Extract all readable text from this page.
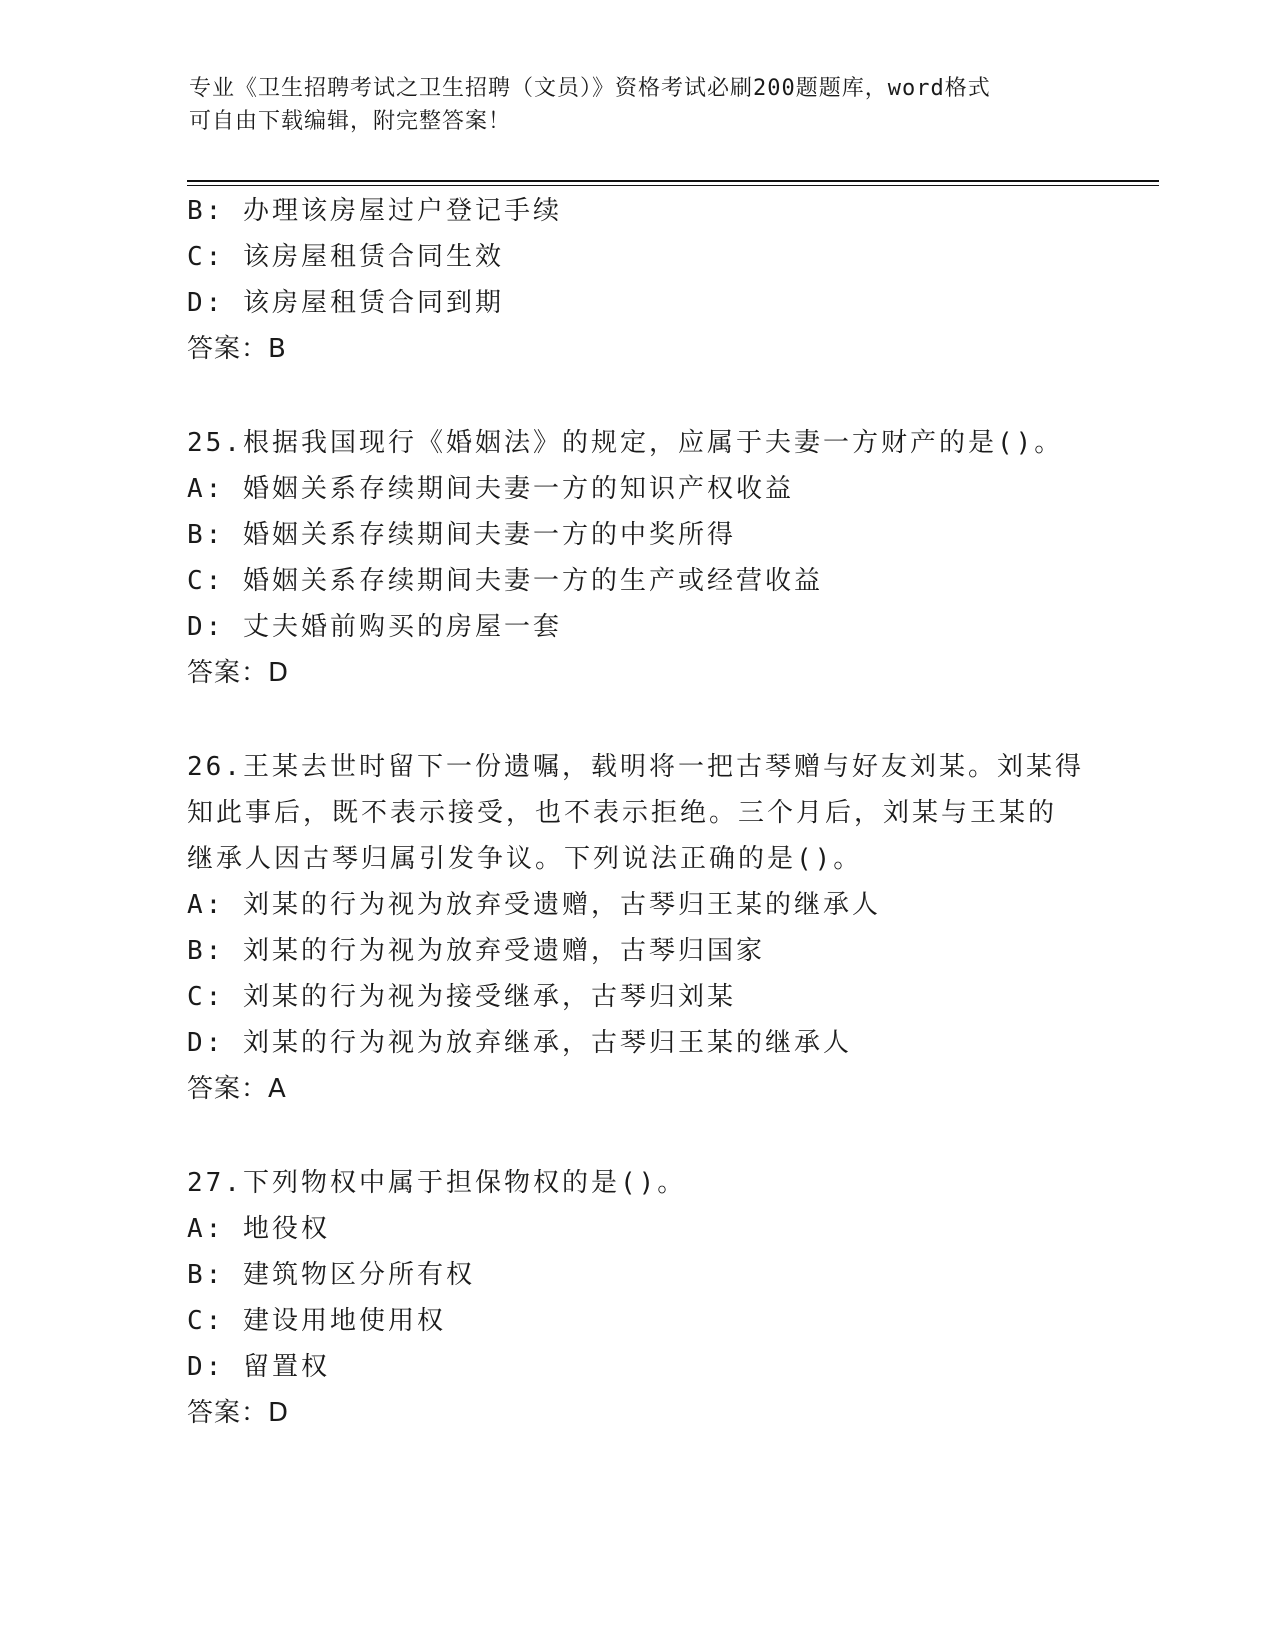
专业《卫生招聘考试之卫生招聘（文员）》资格考试必刷200题题库，word格式
可自由下载编辑，附完整答案！
B: 办理该房屋过户登记手续
C: 该房屋租赁合同生效
D: 该房屋租赁合同到期
答案：B
25.根据我国现行《婚姻法》的规定，应属于夫妻一方财产的是()。
A: 婚姻关系存续期间夫妻一方的知识产权收益
B: 婚姻关系存续期间夫妻一方的中奖所得
C: 婚姻关系存续期间夫妻一方的生产或经营收益
D: 丈夫婚前购买的房屋一套
答案：D
26.王某去世时留下一份遗嘱，载明将一把古琴赠与好友刘某。刘某得
知此事后，既不表示接受，也不表示拒绝。三个月后，刘某与王某的
继承人因古琴归属引发争议。下列说法正确的是()。
A: 刘某的行为视为放弃受遗赠，古琴归王某的继承人
B: 刘某的行为视为放弃受遗赠，古琴归国家
C: 刘某的行为视为接受继承，古琴归刘某
D: 刘某的行为视为放弃继承，古琴归王某的继承人
答案：A
27.下列物权中属于担保物权的是()。
A: 地役权
B: 建筑物区分所有权
C: 建设用地使用权
D: 留置权
答案：D
